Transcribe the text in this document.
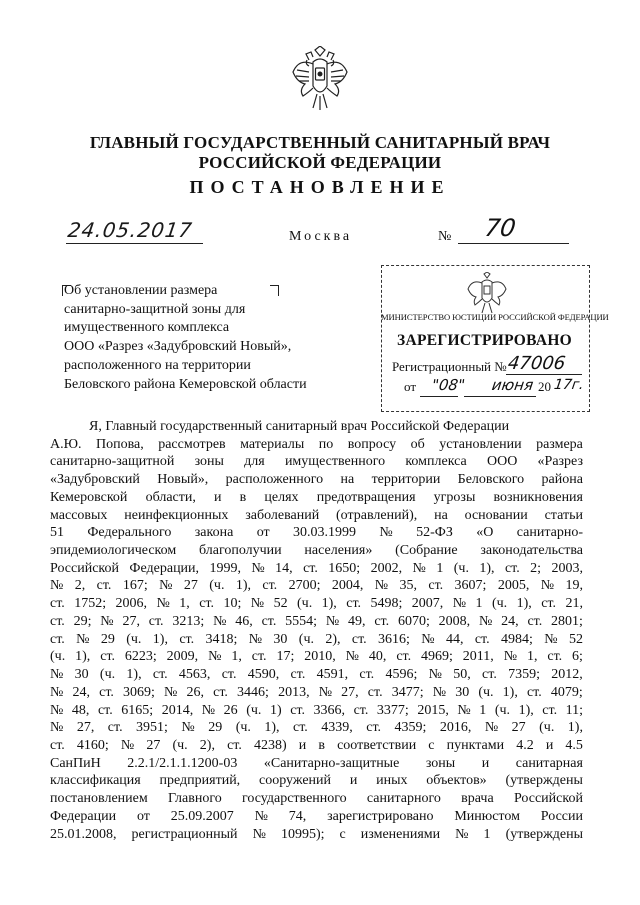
ГЛАВНЫЙ ГОСУДАРСТВЕННЫЙ САНИТАРНЫЙ ВРАЧ
РОССИЙСКОЙ ФЕДЕРАЦИИ
ПОСТАНОВЛЕНИЕ
24.05.2017	Москва	№ 70
Об установлении размера
санитарно-защитной зоны для
имущественного комплекса
ООО «Разрез «Задубровский Новый»,
расположенного на территории
Беловского района Кемеровской области
МИНИСТЕРСТВО ЮСТИЦИИ РОССИЙСКОЙ ФЕДЕРАЦИИ
ЗАРЕГИСТРИРОВАНО
Регистрационный № 47006
от "08" июня 20 17г.
Я, Главный государственный санитарный врач Российской Федерации
А.Ю. Попова, рассмотрев материалы по вопросу об установлении размера
санитарно-защитной зоны для имущественного комплекса ООО «Разрез
«Задубровский Новый», расположенного на территории Беловского района
Кемеровской области, и в целях предотвращения угрозы возникновения
массовых неинфекционных заболеваний (отравлений), на основании статьи
51 Федерального закона от 30.03.1999 № 52-ФЗ «О санитарно-
эпидемиологическом благополучии населения» (Собрание законодательства
Российской Федерации, 1999, № 14, ст. 1650; 2002, № 1 (ч. 1), ст. 2; 2003,
№ 2, ст. 167; № 27 (ч. 1), ст. 2700; 2004, № 35, ст. 3607; 2005, № 19,
ст. 1752; 2006, № 1, ст. 10; № 52 (ч. 1), ст. 5498; 2007, № 1 (ч. 1), ст. 21,
ст. 29; № 27, ст. 3213; № 46, ст. 5554; № 49, ст. 6070; 2008, № 24, ст. 2801;
ст. № 29 (ч. 1), ст. 3418; № 30 (ч. 2), ст. 3616; № 44, ст. 4984; № 52
(ч. 1), ст. 6223; 2009, № 1, ст. 17; 2010, № 40, ст. 4969; 2011, № 1, ст. 6;
№ 30 (ч. 1), ст. 4563, ст. 4590, ст. 4591, ст. 4596; № 50, ст. 7359; 2012,
№ 24, ст. 3069; № 26, ст. 3446; 2013, № 27, ст. 3477; № 30 (ч. 1), ст. 4079;
№ 48, ст. 6165; 2014, № 26 (ч. 1) ст. 3366, ст. 3377; 2015, № 1 (ч. 1), ст. 11;
№ 27, ст. 3951; № 29 (ч. 1), ст. 4339, ст. 4359; 2016, № 27 (ч. 1),
ст. 4160; № 27 (ч. 2), ст. 4238) и в соответствии с пунктами 4.2 и 4.5
СанПиН 2.2.1/2.1.1.1200-03 «Санитарно-защитные зоны и санитарная
классификация предприятий, сооружений и иных объектов» (утверждены
постановлением Главного государственного санитарного врача Российской
Федерации от 25.09.2007 № 74, зарегистрировано Минюстом России
25.01.2008, регистрационный № 10995); с изменениями № 1 (утверждены
